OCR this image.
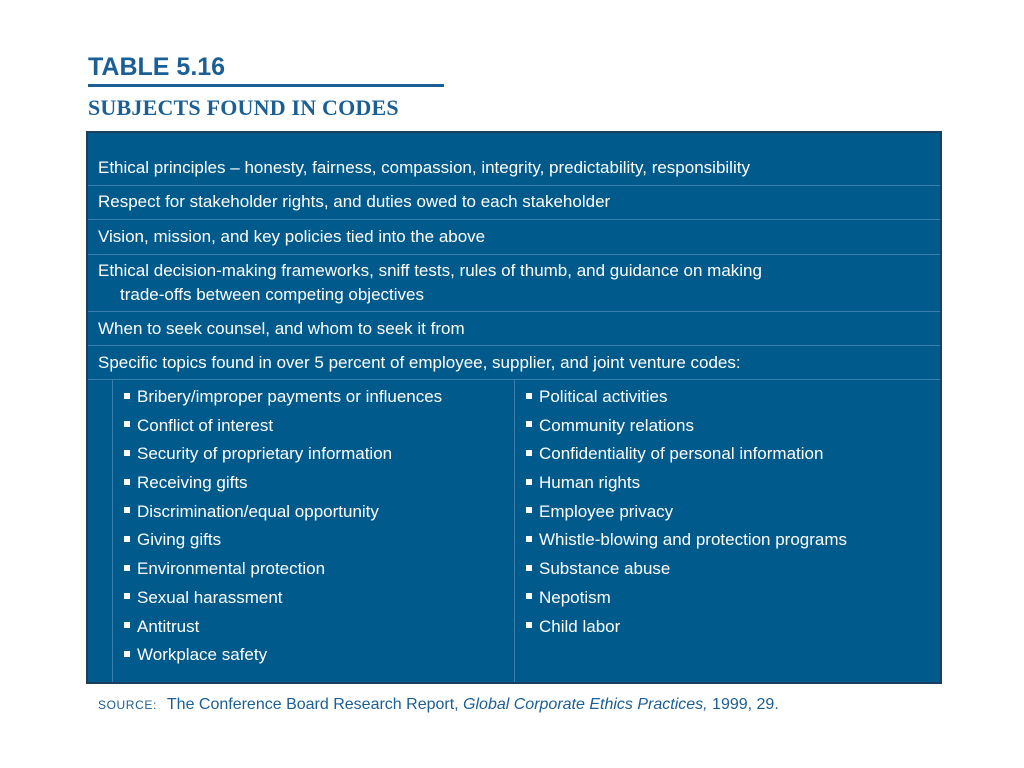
TABLE 5.16
SUBJECTS FOUND IN CODES
Ethical principles – honesty, fairness, compassion, integrity, predictability, responsibility
Respect for stakeholder rights, and duties owed to each stakeholder
Vision, mission, and key policies tied into the above
Ethical decision-making frameworks, sniff tests, rules of thumb, and guidance on making
trade-offs between competing objectives
When to seek counsel, and whom to seek it from
Specific topics found in over 5 percent of employee, supplier, and joint venture codes:
Bribery/improper payments or influences
Conflict of interest
Security of proprietary information
Receiving gifts
Discrimination/equal opportunity
Giving gifts
Environmental protection
Sexual harassment
Antitrust
Workplace safety
Political activities
Community relations
Confidentiality of personal information
Human rights
Employee privacy
Whistle-blowing and protection programs
Substance abuse
Nepotism
Child labor
SOURCE: The Conference Board Research Report, Global Corporate Ethics Practices, 1999, 29.
